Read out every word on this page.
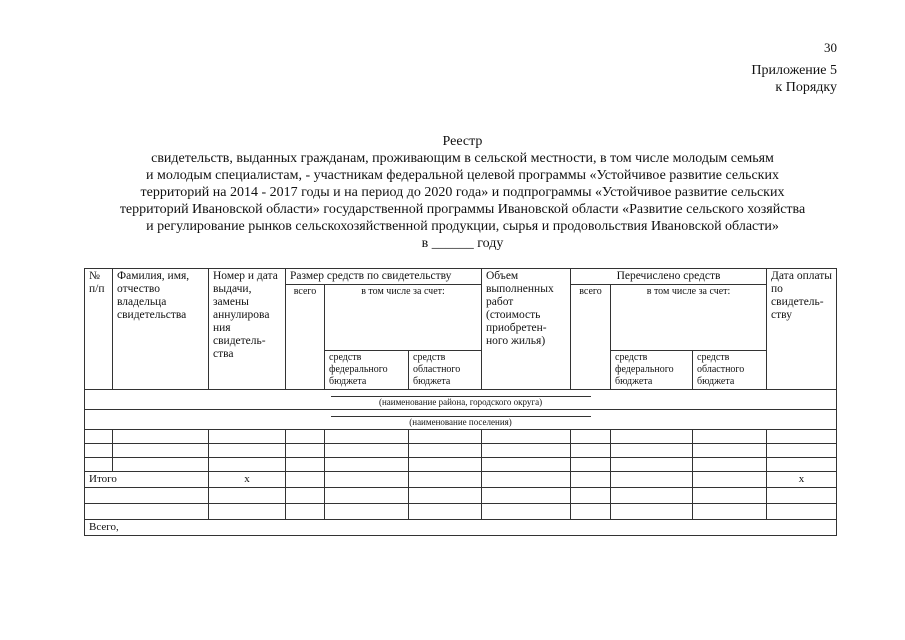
30
Приложение 5
к Порядку
Реестр
свидетельств, выданных гражданам, проживающим в сельской местности, в том числе молодым семьям
и молодым специалистам, - участникам федеральной целевой программы «Устойчивое развитие сельских
территорий на 2014 - 2017 годы и на период до 2020 года» и подпрограммы «Устойчивое развитие сельских
территорий Ивановской области» государственной программы Ивановской области «Развитие сельского хозяйства
и регулирование рынков сельскохозяйственной продукции, сырья и продовольствия Ивановской области»
в ______ году
№ п/п	Фамилия, имя, отчество владельца свидетельства	Номер и дата выдачи, замены аннулирова ния свидетель-ства	Размер средств по свидетельству			Объем выполненных работ (стоимость приобретен-ного жилья)	Перечислено средств			Дата оплаты по свидетель-ству
			всего	в том числе за счет:			всего	в том числе за счет:		
				средств федерального бюджета	средств областного бюджета			средств федерального бюджета	средств областного бюджета	

(наименование района, городского округа)										

(наименование поселения)										

Итого		х								х

Всего,										
